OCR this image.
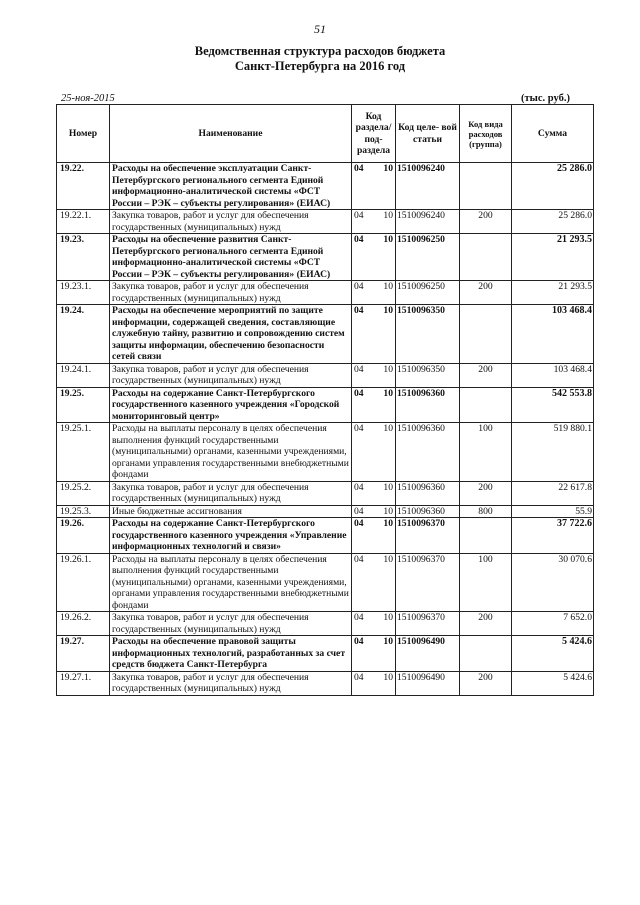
51
Ведомственная структура расходов бюджета
Санкт-Петербурга на 2016 год
25-ноя-2015	(тыс. руб.)
Номер	Наименование	Код раздела/ под- раздела	Код целе- вой статьи	Код вида расходов (группа)	Сумма
19.22.	Расходы на обеспечение эксплуатации Санкт-Петербургского регионального сегмента Единой информационно-аналитической системы «ФСТ России – РЭК – субъекты регулирования» (ЕИАС)	04 10	1510096240		25 286.0
19.22.1.	Закупка товаров, работ и услуг для обеспечения государственных (муниципальных) нужд	04 10	1510096240	200	25 286.0
19.23.	Расходы на обеспечение развития Санкт-Петербургского регионального сегмента Единой информационно-аналитической системы «ФСТ России – РЭК – субъекты регулирования» (ЕИАС)	04 10	1510096250		21 293.5
19.23.1.	Закупка товаров, работ и услуг для обеспечения государственных (муниципальных) нужд	04 10	1510096250	200	21 293.5
19.24.	Расходы на обеспечение мероприятий по защите информации, содержащей сведения, составляющие служебную тайну, развитию и сопровождению систем защиты информации, обеспечению безопасности сетей связи	04 10	1510096350		103 468.4
19.24.1.	Закупка товаров, работ и услуг для обеспечения государственных (муниципальных) нужд	04 10	1510096350	200	103 468.4
19.25.	Расходы на содержание Санкт-Петербургского государственного казенного учреждения «Городской мониторинговый центр»	04 10	1510096360		542 553.8
19.25.1.	Расходы на выплаты персоналу в целях обеспечения выполнения функций государственными (муниципальными) органами, казенными учреждениями, органами управления государственными внебюджетными фондами	04 10	1510096360	100	519 880.1
19.25.2.	Закупка товаров, работ и услуг для обеспечения государственных (муниципальных) нужд	04 10	1510096360	200	22 617.8
19.25.3.	Иные бюджетные ассигнования	04 10	1510096360	800	55.9
19.26.	Расходы на содержание Санкт-Петербургского государственного казенного учреждения «Управление информационных технологий и связи»	04 10	1510096370		37 722.6
19.26.1.	Расходы на выплаты персоналу в целях обеспечения выполнения функций государственными (муниципальными) органами, казенными учреждениями, органами управления государственными внебюджетными фондами	04 10	1510096370	100	30 070.6
19.26.2.	Закупка товаров, работ и услуг для обеспечения государственных (муниципальных) нужд	04 10	1510096370	200	7 652.0
19.27.	Расходы на обеспечение правовой защиты информационных технологий, разработанных за счет средств бюджета Санкт-Петербурга	04 10	1510096490		5 424.6
19.27.1.	Закупка товаров, работ и услуг для обеспечения государственных (муниципальных) нужд	04 10	1510096490	200	5 424.6
